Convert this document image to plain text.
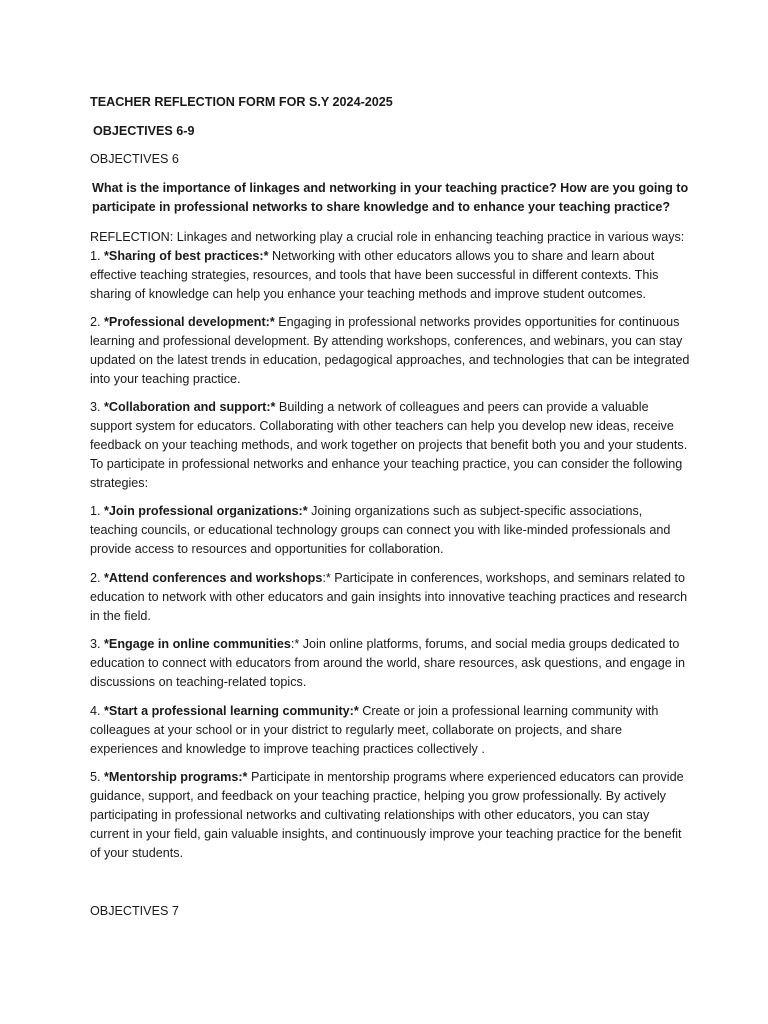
TEACHER REFLECTION FORM FOR S.Y 2024-2025

OBJECTIVES 6-9

OBJECTIVES 6

What is the importance of linkages and networking in your teaching practice? How are you going to participate in professional networks to share knowledge and to enhance your teaching practice?

REFLECTION: Linkages and networking play a crucial role in enhancing teaching practice in various ways:
1. *Sharing of best practices:* Networking with other educators allows you to share and learn about effective teaching strategies, resources, and tools that have been successful in different contexts. This sharing of knowledge can help you enhance your teaching methods and improve student outcomes.
2. *Professional development:* Engaging in professional networks provides opportunities for continuous learning and professional development. By attending workshops, conferences, and webinars, you can stay updated on the latest trends in education, pedagogical approaches, and technologies that can be integrated into your teaching practice.
3. *Collaboration and support:* Building a network of colleagues and peers can provide a valuable support system for educators. Collaborating with other teachers can help you develop new ideas, receive feedback on your teaching methods, and work together on projects that benefit both you and your students. To participate in professional networks and enhance your teaching practice, you can consider the following strategies:
1. *Join professional organizations:* Joining organizations such as subject-specific associations, teaching councils, or educational technology groups can connect you with like-minded professionals and provide access to resources and opportunities for collaboration.
2. *Attend conferences and workshops:* Participate in conferences, workshops, and seminars related to education to network with other educators and gain insights into innovative teaching practices and research in the field.
3. *Engage in online communities:* Join online platforms, forums, and social media groups dedicated to education to connect with educators from around the world, share resources, ask questions, and engage in discussions on teaching-related topics.
4. *Start a professional learning community:* Create or join a professional learning community with colleagues at your school or in your district to regularly meet, collaborate on projects, and share experiences and knowledge to improve teaching practices collectively .
5. *Mentorship programs:* Participate in mentorship programs where experienced educators can provide guidance, support, and feedback on your teaching practice, helping you grow professionally. By actively participating in professional networks and cultivating relationships with other educators, you can stay current in your field, gain valuable insights, and continuously improve your teaching practice for the benefit of your students.

OBJECTIVES 7
